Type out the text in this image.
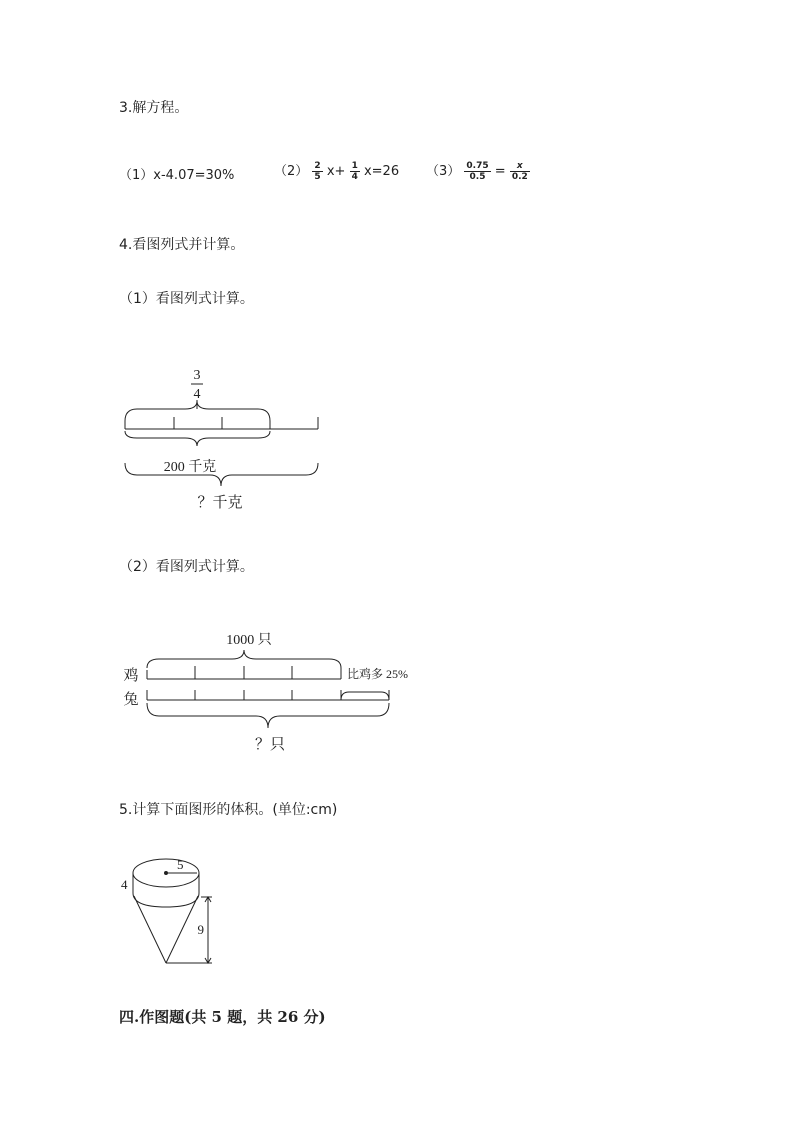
3.解方程。
（1）x-4.07=30%	$(2) \frac{2}{5} x+ \frac{1}{4} x=26$ $(3) \frac{0.75}{0.5} = \frac{x}{0.2}$
4.看图列式并计算。
（1）看图列式计算。
3
4
200 千克
？千克
1000 只
鸡
兔
比鸡多 25%
？只
5
4
9
（2）看图列式计算。
5.计算下面图形的体积。(单位:cm)
四.作图题(共 5 题，共 26 分)
